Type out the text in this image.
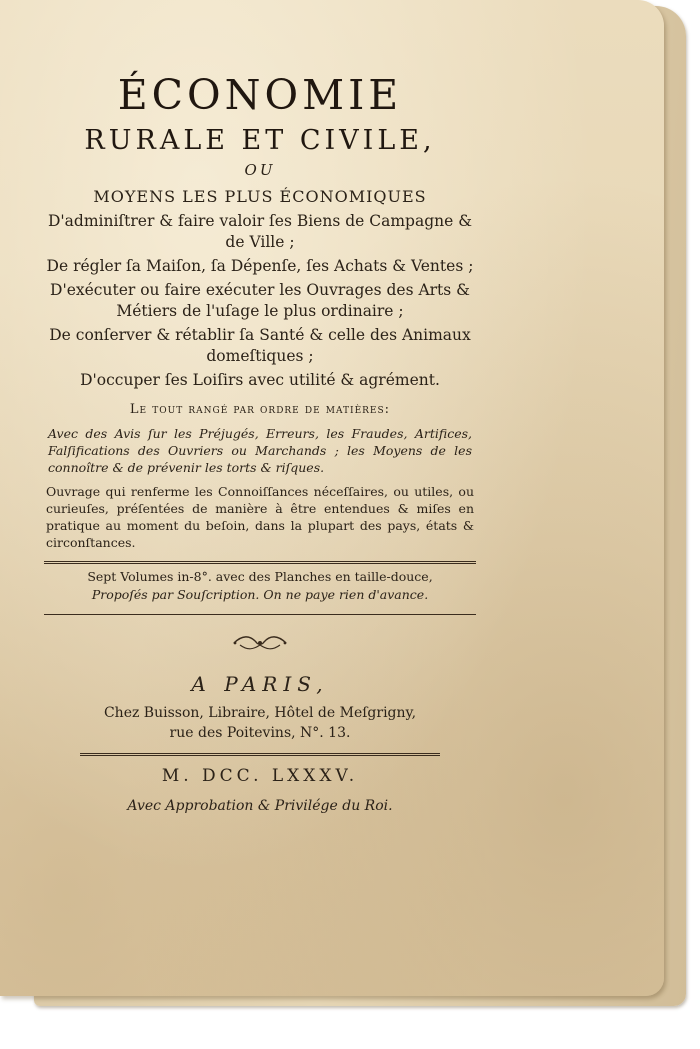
ÉCONOMIE
RURALE ET CIVILE,
OU
MOYENS LES PLUS ÉCONOMIQUES
D'adminiſtrer & faire valoir ſes Biens de Campagne & de Ville ;
De régler ſa Maiſon, ſa Dépenſe, ſes Achats & Ventes ;
D'exécuter ou faire exécuter les Ouvrages des Arts & Métiers de l'uſage le plus ordinaire ;
De conſerver & rétablir ſa Santé & celle des Animaux domeſtiques ;
D'occuper ſes Loiſirs avec utilité & agrément.
Le tout rangé par ordre de matières:
Avec des Avis ſur les Préjugés, Erreurs, les Fraudes, Artifices, Falſifications des Ouvriers ou Marchands ; les Moyens de les connoître & de prévenir les torts & riſques.
Ouvrage qui renferme les Connoiſſances néceſſaires, ou utiles, ou curieuſes, préſentées de manière à être entendues & miſes en pratique au moment du beſoin, dans la plupart des pays, états & circonſtances.
Sept Volumes in-8°. avec des Planches en taille-douce,
Propoſés par Souſcription. On ne paye rien d'avance.
A PARIS,
Chez Buisson, Libraire, Hôtel de Meſgrigny,
rue des Poitevins, N°. 13.
M. DCC. LXXXV.
Avec Approbation & Privilége du Roi.
